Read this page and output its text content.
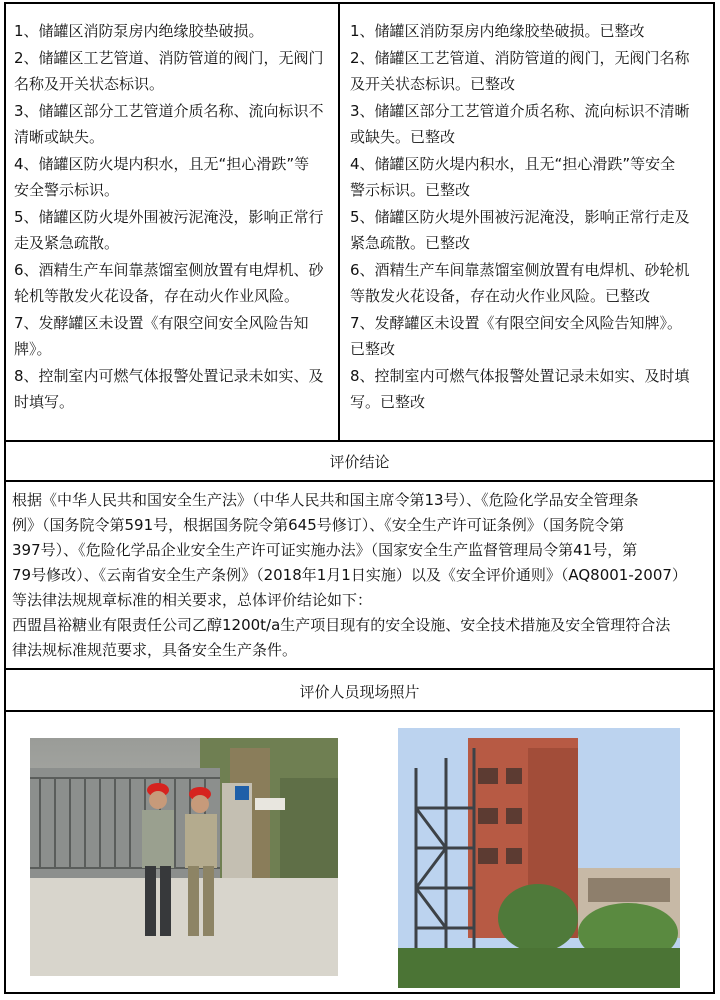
1、储罐区消防泵房内绝缘胶垫破损。
2、储罐区工艺管道、消防管道的阀门，无阀门
名称及开关状态标识。
3、储罐区部分工艺管道介质名称、流向标识不
清晰或缺失。
4、储罐区防火堤内积水，且无“担心滑跌”等
安全警示标识。
5、储罐区防火堤外围被污泥淹没，影响正常行
走及紧急疏散。
6、酒精生产车间靠蒸馏室侧放置有电焊机、砂
轮机等散发火花设备，存在动火作业风险。
7、发酵罐区未设置《有限空间安全风险告知
牌》。
8、控制室内可燃气体报警处置记录未如实、及
时填写。
1、储罐区消防泵房内绝缘胶垫破损。已整改
2、储罐区工艺管道、消防管道的阀门，无阀门名称
及开关状态标识。已整改
3、储罐区部分工艺管道介质名称、流向标识不清晰
或缺失。已整改
4、储罐区防火堤内积水，且无“担心滑跌”等安全
警示标识。已整改
5、储罐区防火堤外围被污泥淹没，影响正常行走及
紧急疏散。已整改
6、酒精生产车间靠蒸馏室侧放置有电焊机、砂轮机
等散发火花设备，存在动火作业风险。已整改
7、发酵罐区未设置《有限空间安全风险告知牌》。
已整改
8、控制室内可燃气体报警处置记录未如实、及时填
写。已整改
评价结论
根据《中华人民共和国安全生产法》（中华人民共和国主席令第13号）、《危险化学品安全管理条
例》（国务院令第591号，根据国务院令第645号修订）、《安全生产许可证条例》（国务院令第
397号）、《危险化学品企业安全生产许可证实施办法》（国家安全生产监督管理局令第41号，第
79号修改）、《云南省安全生产条例》（2018年1月1日实施）以及《安全评价通则》（AQ8001-2007）
等法律法规规章标准的相关要求，总体评价结论如下：
西盟昌裕糖业有限责任公司乙醇1200t/a生产项目现有的安全设施、安全技术措施及安全管理符合法
律法规标准规范要求，具备安全生产条件。
评价人员现场照片
